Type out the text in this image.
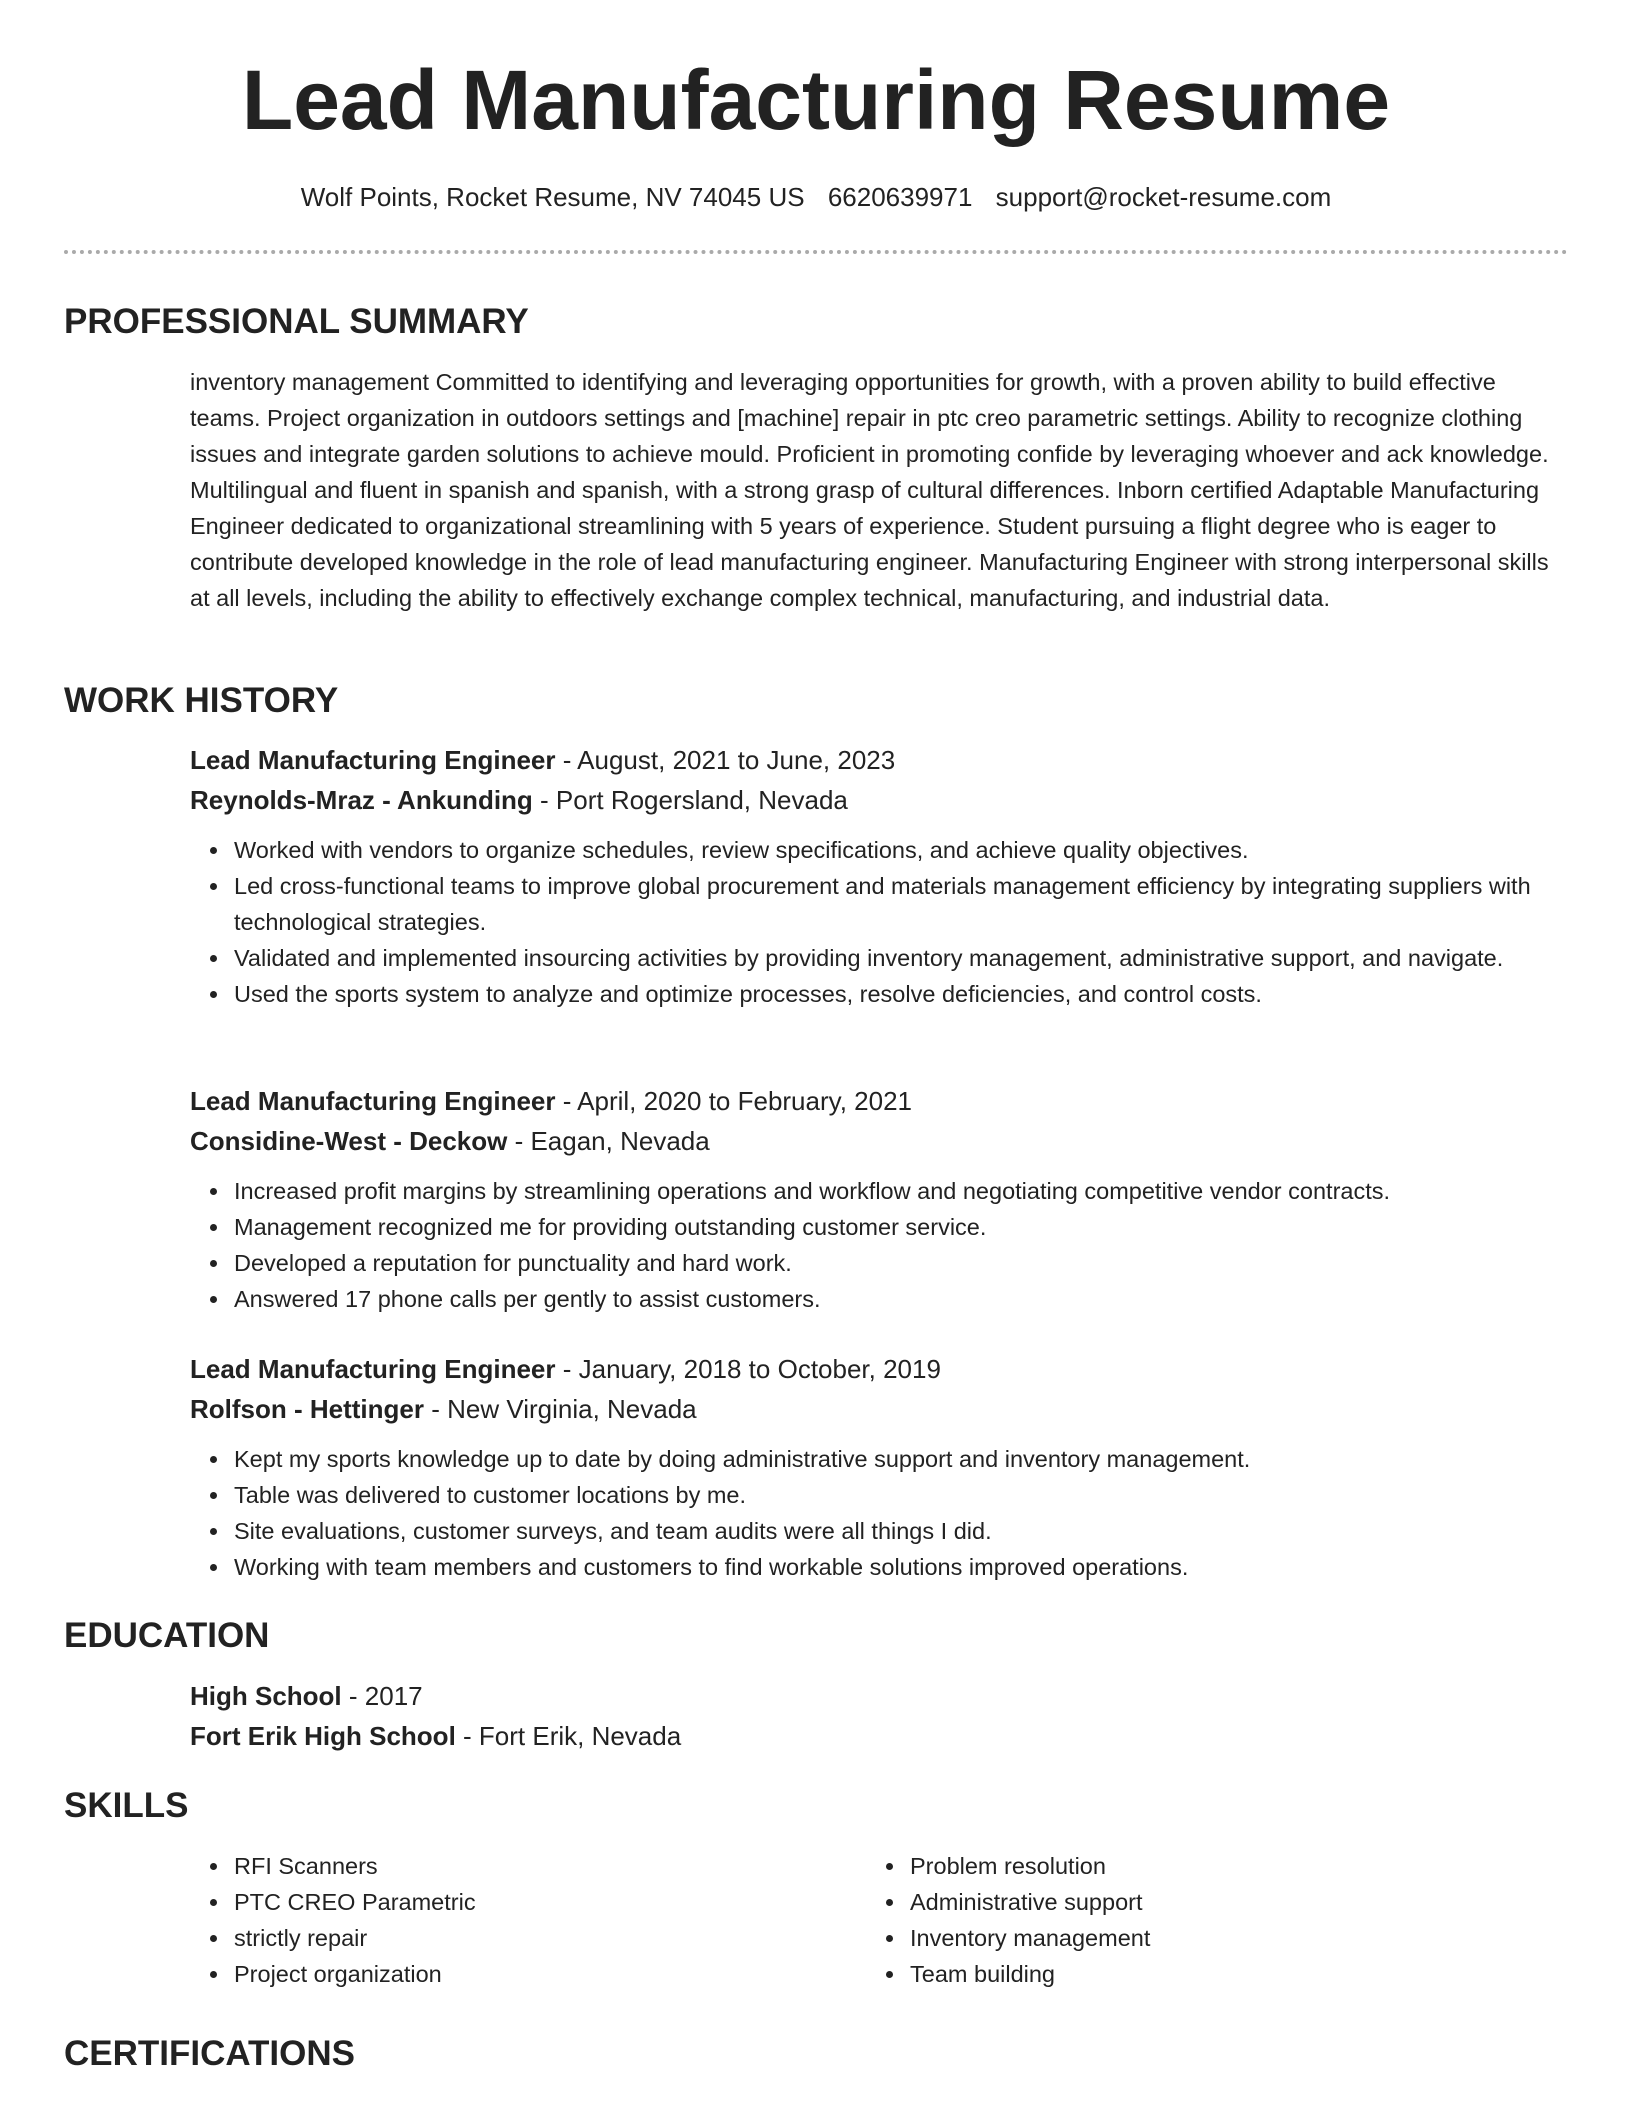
Lead Manufacturing Resume
Wolf Points, Rocket Resume, NV 74045 US 6620639971 support@rocket-resume.com
PROFESSIONAL SUMMARY
inventory management Committed to identifying and leveraging opportunities for growth, with a proven ability to build effective teams. Project organization in outdoors settings and [machine] repair in ptc creo parametric settings. Ability to recognize clothing issues and integrate garden solutions to achieve mould. Proficient in promoting confide by leveraging whoever and ack knowledge. Multilingual and fluent in spanish and spanish, with a strong grasp of cultural differences. Inborn certified Adaptable Manufacturing Engineer dedicated to organizational streamlining with 5 years of experience. Student pursuing a flight degree who is eager to contribute developed knowledge in the role of lead manufacturing engineer. Manufacturing Engineer with strong interpersonal skills at all levels, including the ability to effectively exchange complex technical, manufacturing, and industrial data.
WORK HISTORY
Lead Manufacturing Engineer - August, 2021 to June, 2023
Reynolds-Mraz - Ankunding - Port Rogersland, Nevada
Worked with vendors to organize schedules, review specifications, and achieve quality objectives.
Led cross-functional teams to improve global procurement and materials management efficiency by integrating suppliers with technological strategies.
Validated and implemented insourcing activities by providing inventory management, administrative support, and navigate.
Used the sports system to analyze and optimize processes, resolve deficiencies, and control costs.
Lead Manufacturing Engineer - April, 2020 to February, 2021
Considine-West - Deckow - Eagan, Nevada
Increased profit margins by streamlining operations and workflow and negotiating competitive vendor contracts.
Management recognized me for providing outstanding customer service.
Developed a reputation for punctuality and hard work.
Answered 17 phone calls per gently to assist customers.
Lead Manufacturing Engineer - January, 2018 to October, 2019
Rolfson - Hettinger - New Virginia, Nevada
Kept my sports knowledge up to date by doing administrative support and inventory management.
Table was delivered to customer locations by me.
Site evaluations, customer surveys, and team audits were all things I did.
Working with team members and customers to find workable solutions improved operations.
EDUCATION
High School - 2017
Fort Erik High School - Fort Erik, Nevada
SKILLS
RFI Scanners
PTC CREO Parametric
strictly repair
Project organization
Problem resolution
Administrative support
Inventory management
Team building
CERTIFICATIONS
